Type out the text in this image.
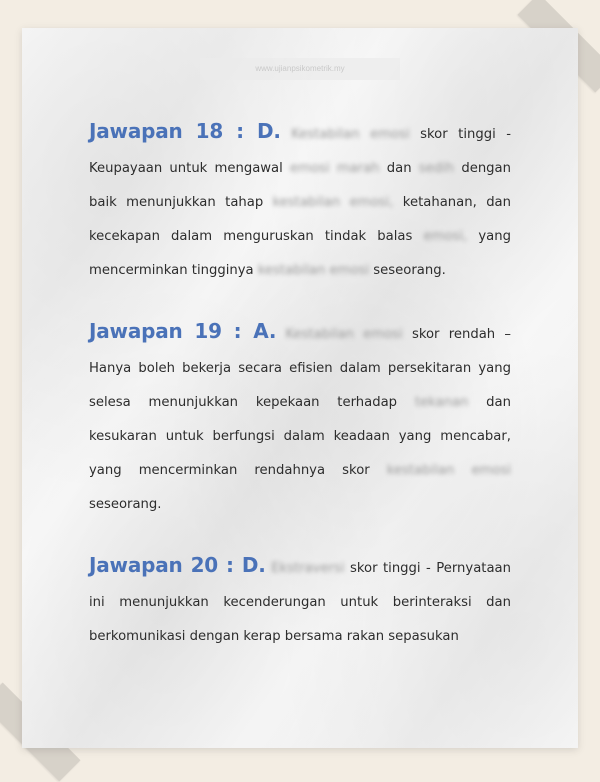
www.ujianpsikometrik.my

Jawapan 18 : D. Kestabilan emosi skor tinggi - Keupayaan untuk mengawal emosi marah dan sedih dengan baik menunjukkan tahap kestabilan emosi, ketahanan, dan kecekapan dalam menguruskan tindak balas emosi, yang mencerminkan tingginya kestabilan emosi seseorang.

Jawapan 19 : A. Kestabilan emosi skor rendah – Hanya boleh bekerja secara efisien dalam persekitaran yang selesa menunjukkan kepekaan terhadap tekanan dan kesukaran untuk berfungsi dalam keadaan yang mencabar, yang mencerminkan rendahnya skor kestabilan emosi seseorang.

Jawapan 20 : D. Ekstraversi skor tinggi - Pernyataan ini menunjukkan kecenderungan untuk berinteraksi dan berkomunikasi dengan kerap bersama rakan sepasukan
